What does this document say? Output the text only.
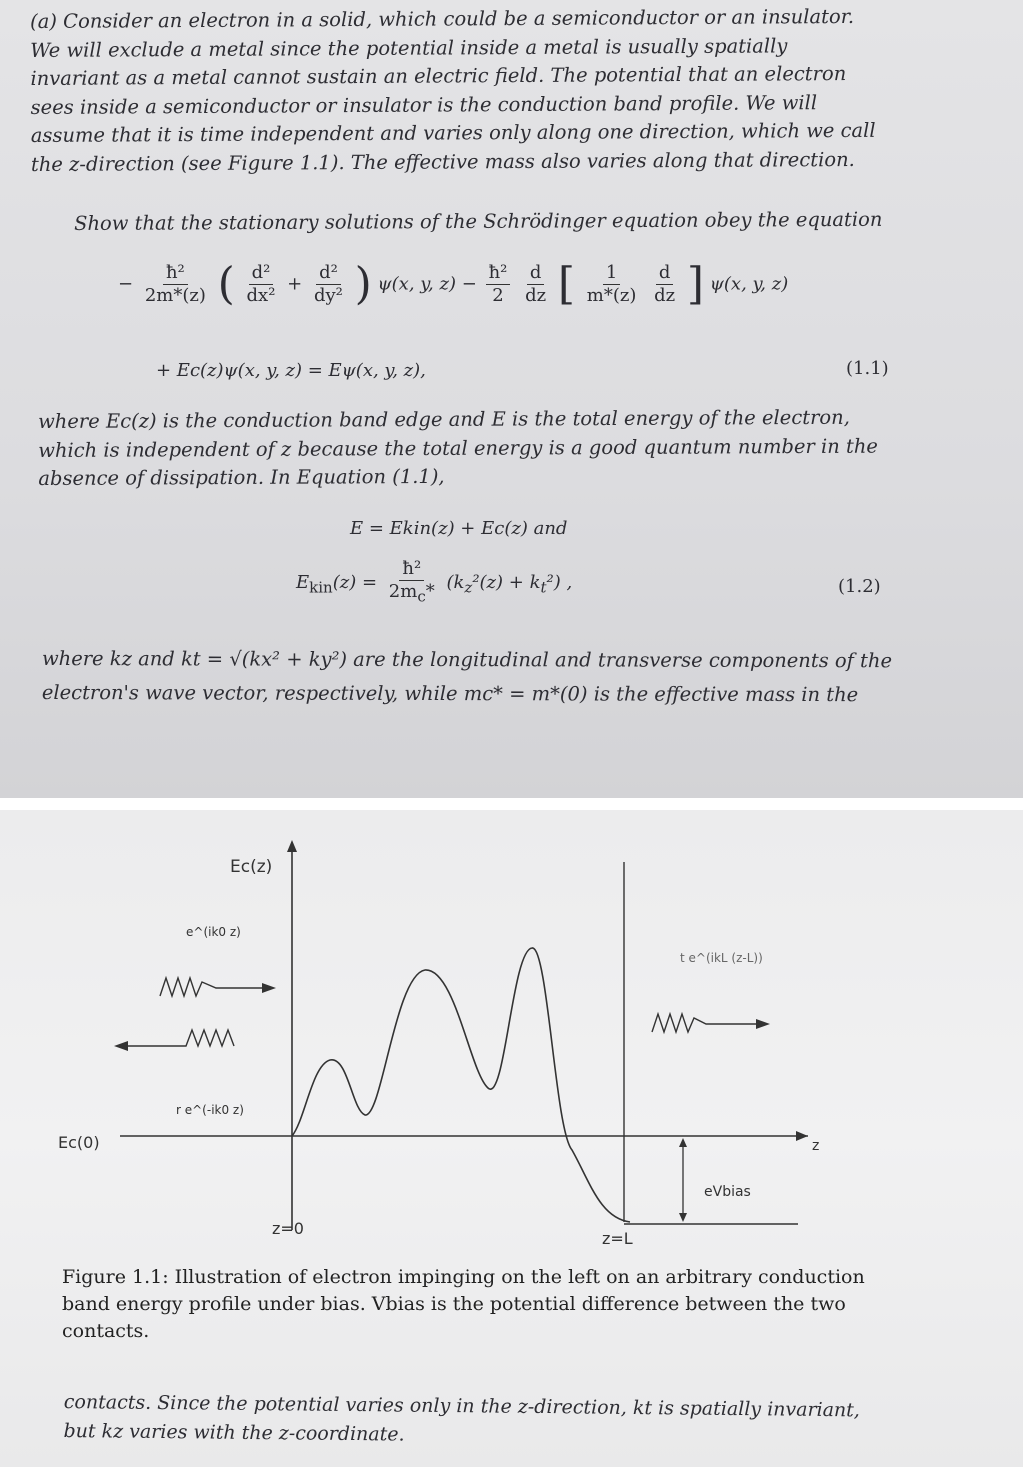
(a) Consider an electron in a solid, which could be a semiconductor or an insulator.
We will exclude a metal since the potential inside a metal is usually spatially
invariant as a metal cannot sustain an electric field. The potential that an electron
sees inside a semiconductor or insulator is the conduction band profile. We will
assume that it is time independent and varies only along one direction, which we call
the z-direction (see Figure 1.1). The effective mass also varies along that direction.
Show that the stationary solutions of the Schrödinger equation obey the equation
− $\frac{\text{ħ²}}{2m*(z)}$ ( $\frac{\text{d²}}{\text{dx²}} + \frac{\text{d²}}{\text{dy²}}$ ) ψ(x, y, $z) - \frac{\text{ħ²}}{2}$
$\frac{d}{dz}$ [ $\frac{1}{m*(z)}$
$\frac{d}{dz}$ ] ψ(x, y, z)
+ Ec(z)ψ(x, y, z) = Eψ(x, y, z),	(1.1)
where Ec(z) is the conduction band edge and E is the total energy of the electron,
which is independent of z because the total energy is a good quantum number in the
absence of dissipation. In Equation (1.1),
E = Ekin(z) + Ec(z) and
$E_{kin}(z) = \frac{\text{ħ²}}{2m_c*} (k_z^2(z) + k_t^2)$ ,	(1.2)
where kz and kt = √(kx² + ky²) are the longitudinal and transverse components of the
electron's wave vector, respectively, while mc* = m*(0) is the effective mass in the
Ec(z)
e^(ik0 z)
r e^(-ik0 z)
t e^(ikL (z-L))
Ec(0)	z
z=0
z=L
eVbias
Figure 1.1: Illustration of electron impinging on the left on an arbitrary conduction
band energy profile under bias. Vbias is the potential difference between the two
contacts.
contacts. Since the potential varies only in the z-direction, kt is spatially invariant,
but kz varies with the z-coordinate.
